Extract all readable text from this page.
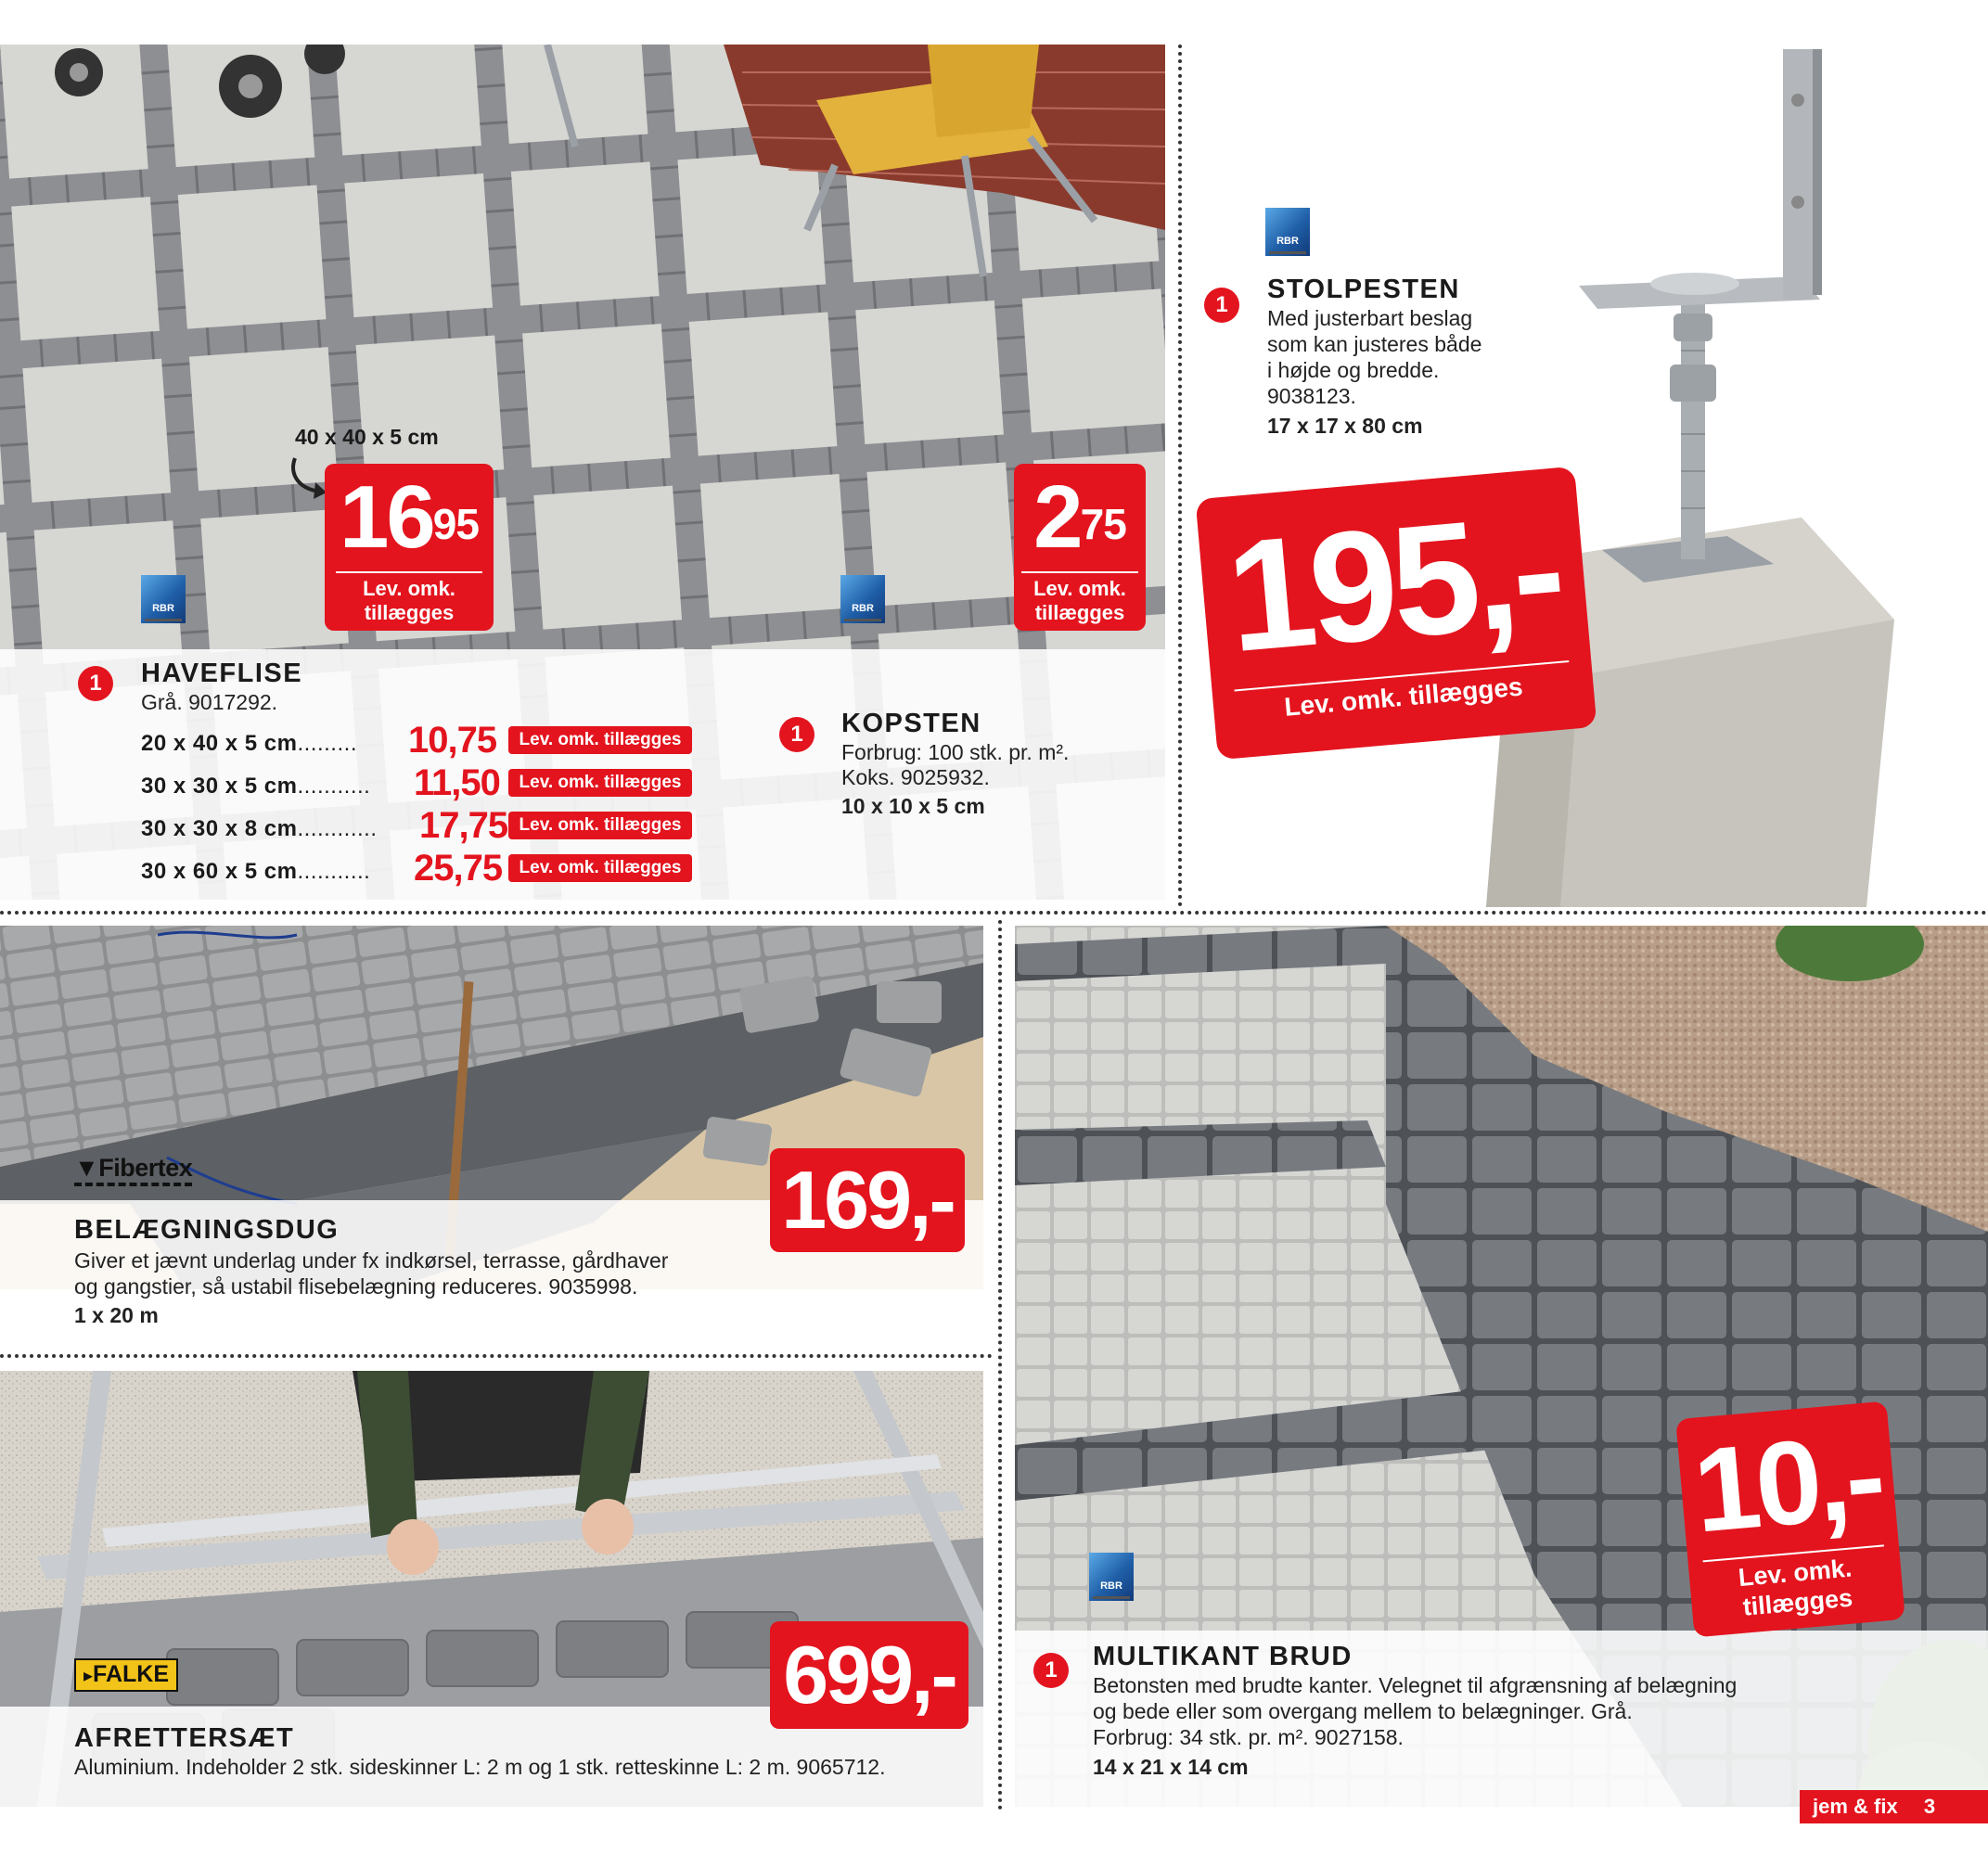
RBR	RBR
40 x 40 x 5 cm
$16^{95}$
Lev. omk.
tillægges
$2^{75}$
Lev. omk.
tillægges
1	HAVEFLISE
Grå. 9017292.
20 x 40 x 5 cm......... 10,75	Lev. omk. tillægges
30 x 30 x 5 cm........... 11,50	Lev. omk. tillægges
30 x 30 x 8 cm............ 17,75 Lev. omk. tillægges
30 x 60 x 5 cm........... 25,75 Lev. omk. tillægges
1	KOPSTEN
Forbrug: 100 stk. pr. m².
Koks. 9025932.
10 x 10 x 5 cm
RBR
1
STOLPESTEN
Med justerbart beslag
som kan justeres både
i højde og bredde.
9038123.
17 x 17 x 80 cm
195,-
Lev. omk. tillægges
▼Fibertex	169,-
BELÆGNINGSDUG
Giver et jævnt underlag under fx indkørsel, terrasse, gårdhaver
og gangstier, så ustabil flisebelægning reduceres. 9035998.
1 x 20 m
▸FALKE	699,-
AFRETTERSÆT
Aluminium. Indeholder 2 stk. sideskinner L: 2 m og 1 stk. retteskinne L: 2 m. 9065712.
RBR
10,-
Lev. omk.
tillægges
1	MULTIKANT BRUD
Betonsten med brudte kanter. Velegnet til afgrænsning af belægning
og bede eller som overgang mellem to belægninger. Grå.
Forbrug: 34 stk. pr. m². 9027158.
14 x 21 x 14 cm
jem & fix 3
